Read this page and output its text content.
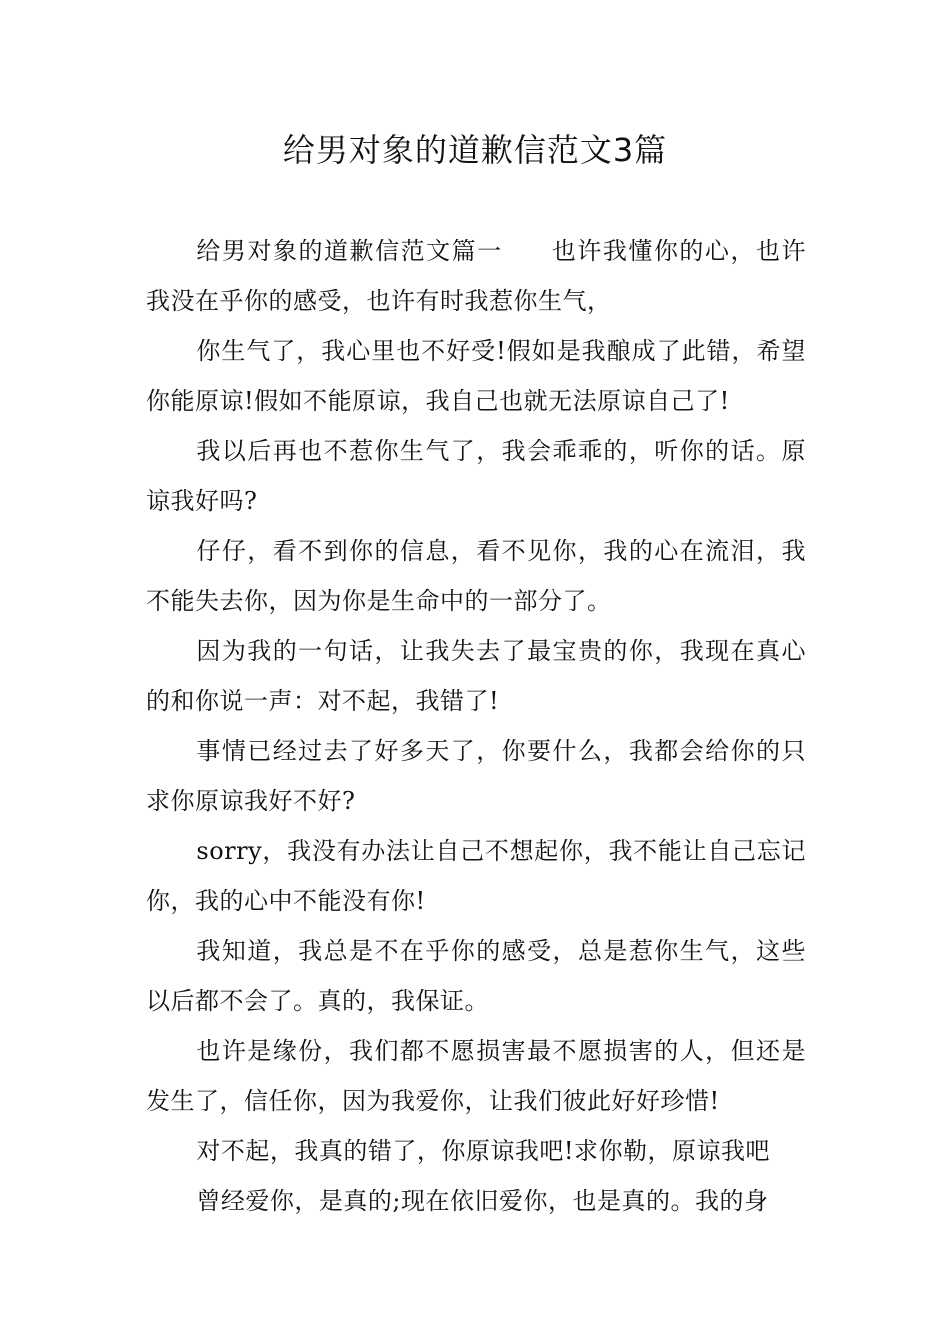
给男对象的道歉信范文3篇

给男对象的道歉信范文篇一 也许我懂你的心，也许我没在乎你的感受，也许有时我惹你生气，

你生气了，我心里也不好受!假如是我酿成了此错，希望你能原谅!假如不能原谅，我自己也就无法原谅自己了!

我以后再也不惹你生气了，我会乖乖的，听你的话。原谅我好吗?

仔仔，看不到你的信息，看不见你，我的心在流泪，我不能失去你，因为你是生命中的一部分了。

因为我的一句话，让我失去了最宝贵的你，我现在真心的和你说一声：对不起，我错了!

事情已经过去了好多天了，你要什么，我都会给你的只求你原谅我好不好?

sorry，我没有办法让自己不想起你，我不能让自己忘记你，我的心中不能没有你!

我知道，我总是不在乎你的感受，总是惹你生气，这些以后都不会了。真的，我保证。

也许是缘份，我们都不愿损害最不愿损害的人，但还是发生了，信任你，因为我爱你，让我们彼此好好珍惜!

对不起，我真的错了，你原谅我吧!求你勒，原谅我吧

曾经爱你，是真的;现在依旧爱你，也是真的。我的身
